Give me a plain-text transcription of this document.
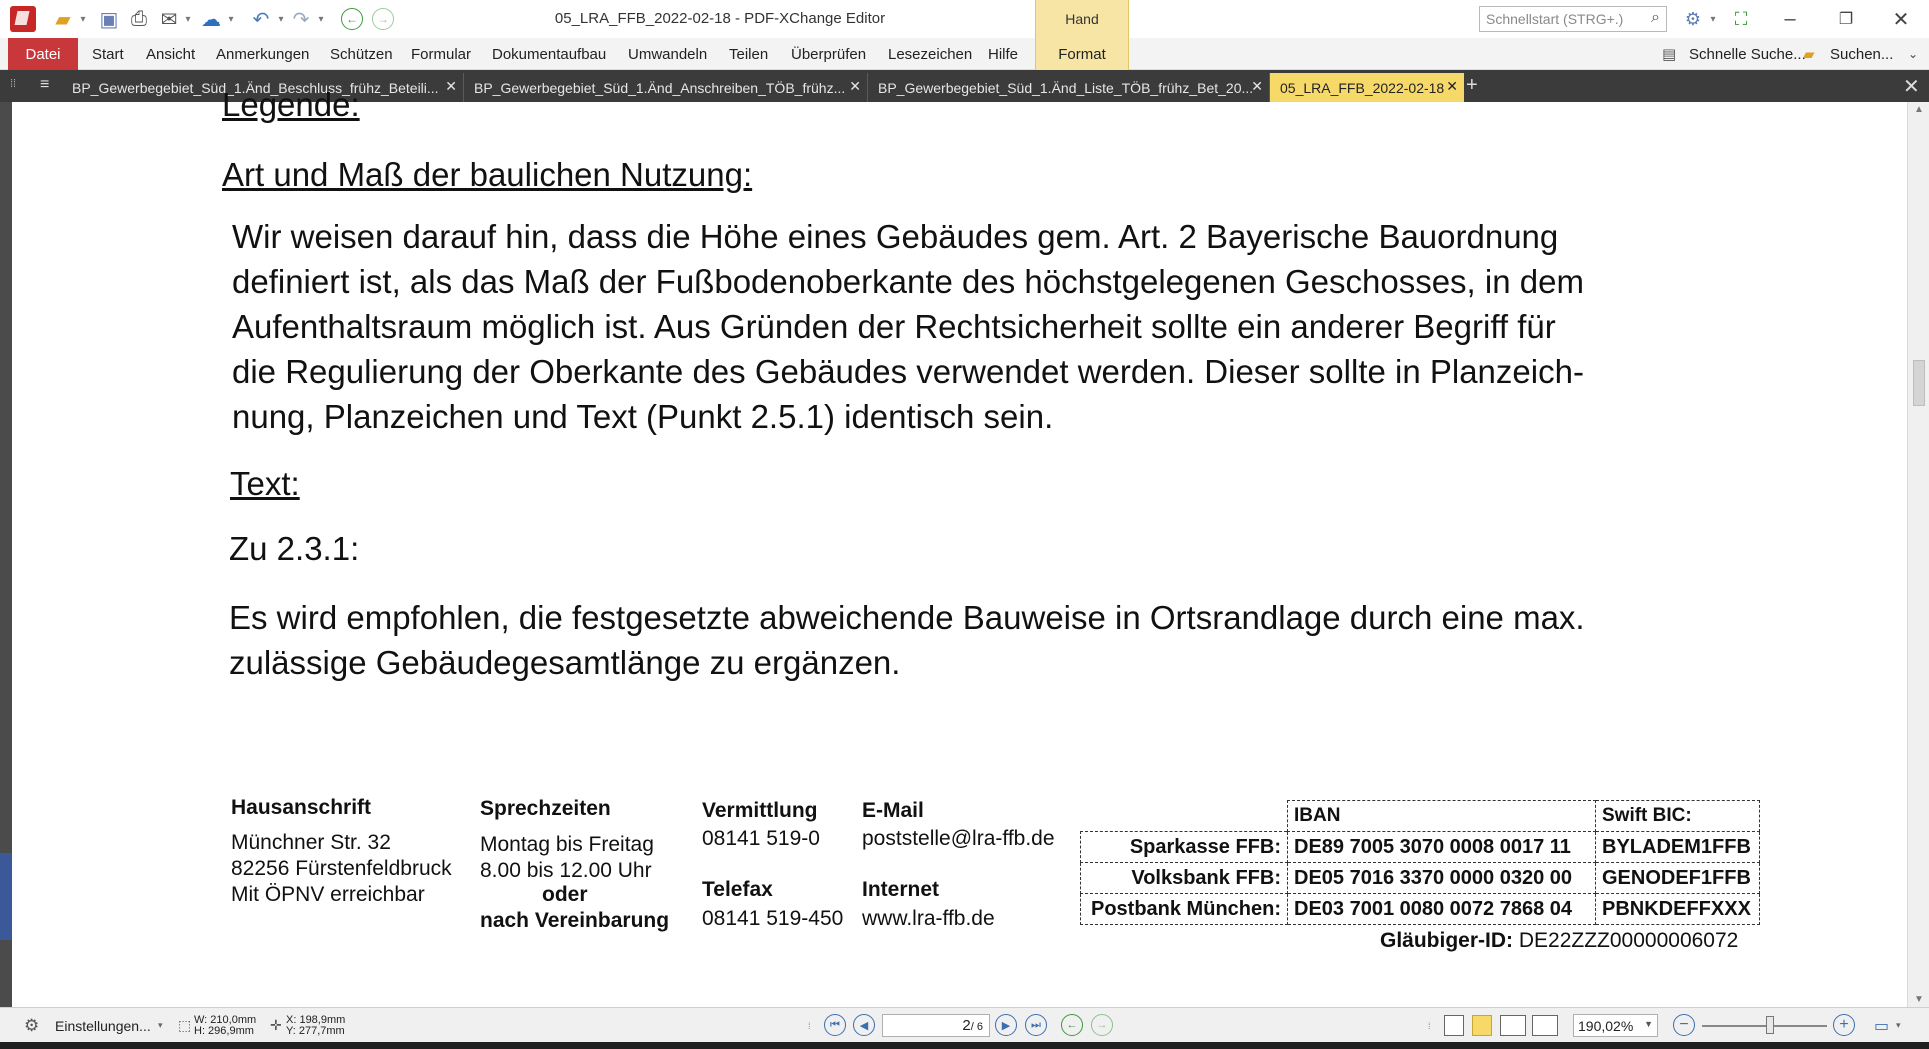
▰ ▾ ▣ ⎙ ✉ ▾ ☁ ▾ ↶ ▾ ↷ ▾	←	→	05_LRA_FFB_2022-02-18 - PDF-XChange Editor	Hand	Schnellstart (STRG+.) ⌕ ⚙ ▾	⛶	–	❐	✕
Datei	Start Ansicht Anmerkungen Schützen Formular Dokumentaufbau Umwandeln Teilen Überprüfen Lesezeichen Hilfe	Format	▤ Schnelle Suche...
▰ Suchen... ⌄
⁞⁞	≡	BP_Gewerbegebiet_Süd_1.Änd_Beschluss_frühz_Beteili... ✕ BP_Gewerbegebiet_Süd_1.Änd_Anschreiben_TÖB_frühz... ✕ BP_Gewerbegebiet_Süd_1.Änd_Liste_TÖB_frühz_Bet_20...
✕ 05_LRA_FFB_2022-02-18 ✕ +	✕
Legende:
Art und Maß der baulichen Nutzung:
Wir weisen darauf hin, dass die Höhe eines Gebäudes gem. Art. 2 Bayerische Bauordnung
definiert ist, als das Maß der Fußbodenoberkante des höchstgelegenen Geschosses, in dem
Aufenthaltsraum möglich ist. Aus Gründen der Rechtsicherheit sollte ein anderer Begriff für
die Regulierung der Oberkante des Gebäudes verwendet werden. Dieser sollte in Planzeich-
nung, Planzeichen und Text (Punkt 2.5.1) identisch sein.
Text:
Zu 2.3.1:
Es wird empfohlen, die festgesetzte abweichende Bauweise in Ortsrandlage durch eine max.
zulässige Gebäudegesamtlänge zu ergänzen.
Hausanschrift
Münchner Str. 32
82256 Fürstenfeldbruck
Mit ÖPNV erreichbar
Sprechzeiten
Montag bis Freitag
8.00 bis 12.00 Uhr
oder
nach Vereinbarung
Vermittlung
08141 519-0
Telefax
08141 519-450
E-Mail
poststelle@lra-ffb.de
Internet
www.lra-ffb.de
	IBAN	Swift BIC:
Sparkasse FFB:	DE89 7005 3070 0008 0017 11	BYLADEM1FFB
Volksbank FFB:	DE05 7016 3370 0000 0320 00	GENODEF1FFB
Postbank München:	DE03 7001 0080 0072 7868 04	PBNKDEFFXXX
Gläubiger-ID: DE22ZZZ00000006072
▲
▼
⚙ Einstellungen... ▾ ⬚ W: 210,0mm
H: 296,9mm ✛ X: 198,9mm
Y: 277,7mm	⁞	⏮	◀	2/ 6	▶	⏭	←	→	⁞	190,02% ▼	−	+	▭ ▾
